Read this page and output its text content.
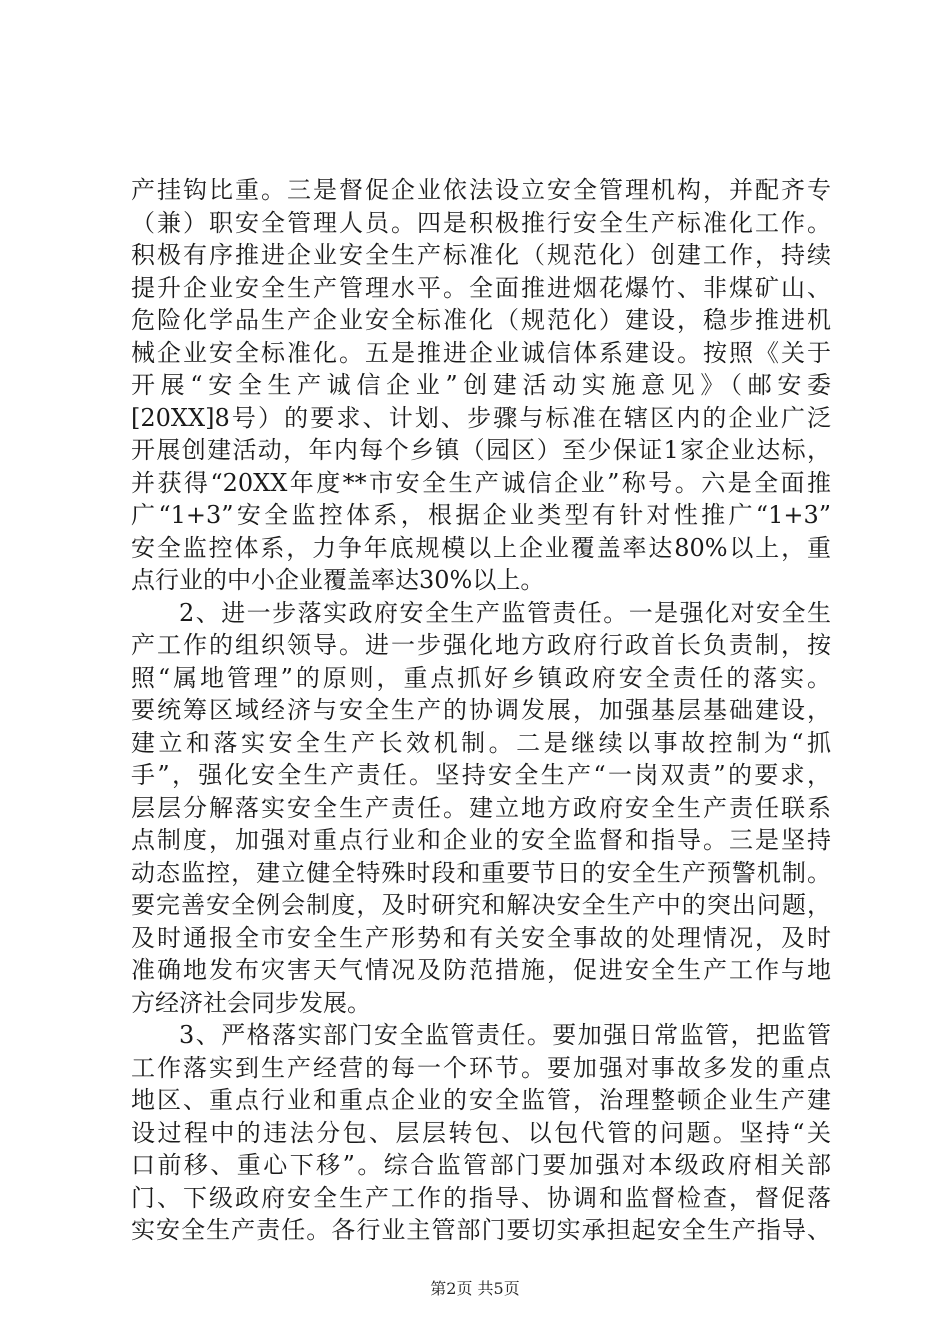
产挂钩比重。三是督促企业依法设立安全管理机构，并配齐专
（兼）职安全管理人员。四是积极推行安全生产标准化工作。
积极有序推进企业安全生产标准化（规范化）创建工作，持续
提升企业安全生产管理水平。全面推进烟花爆竹、非煤矿山、
危险化学品生产企业安全标准化（规范化）建设，稳步推进机
械企业安全标准化。五是推进企业诚信体系建设。按照《关于
开展“安全生产诚信企业”创建活动实施意见》（邮安委
[20XX]8号）的要求、计划、步骤与标准在辖区内的企业广泛
开展创建活动，年内每个乡镇（园区）至少保证1家企业达标，
并获得“20XX年度**市安全生产诚信企业”称号。六是全面推
广“1+3”安全监控体系，根据企业类型有针对性推广“1+3”
安全监控体系，力争年底规模以上企业覆盖率达80%以上，重
点行业的中小企业覆盖率达30%以上。
2、进一步落实政府安全生产监管责任。一是强化对安全生
产工作的组织领导。进一步强化地方政府行政首长负责制，按
照“属地管理”的原则，重点抓好乡镇政府安全责任的落实。
要统筹区域经济与安全生产的协调发展，加强基层基础建设，
建立和落实安全生产长效机制。二是继续以事故控制为“抓
手”，强化安全生产责任。坚持安全生产“一岗双责”的要求，
层层分解落实安全生产责任。建立地方政府安全生产责任联系
点制度，加强对重点行业和企业的安全监督和指导。三是坚持
动态监控，建立健全特殊时段和重要节日的安全生产预警机制。
要完善安全例会制度，及时研究和解决安全生产中的突出问题，
及时通报全市安全生产形势和有关安全事故的处理情况，及时
准确地发布灾害天气情况及防范措施，促进安全生产工作与地
方经济社会同步发展。
3、严格落实部门安全监管责任。要加强日常监管，把监管
工作落实到生产经营的每一个环节。要加强对事故多发的重点
地区、重点行业和重点企业的安全监管，治理整顿企业生产建
设过程中的违法分包、层层转包、以包代管的问题。坚持“关
口前移、重心下移”。综合监管部门要加强对本级政府相关部
门、下级政府安全生产工作的指导、协调和监督检查，督促落
实安全生产责任。各行业主管部门要切实承担起安全生产指导、
第2页 共5页
